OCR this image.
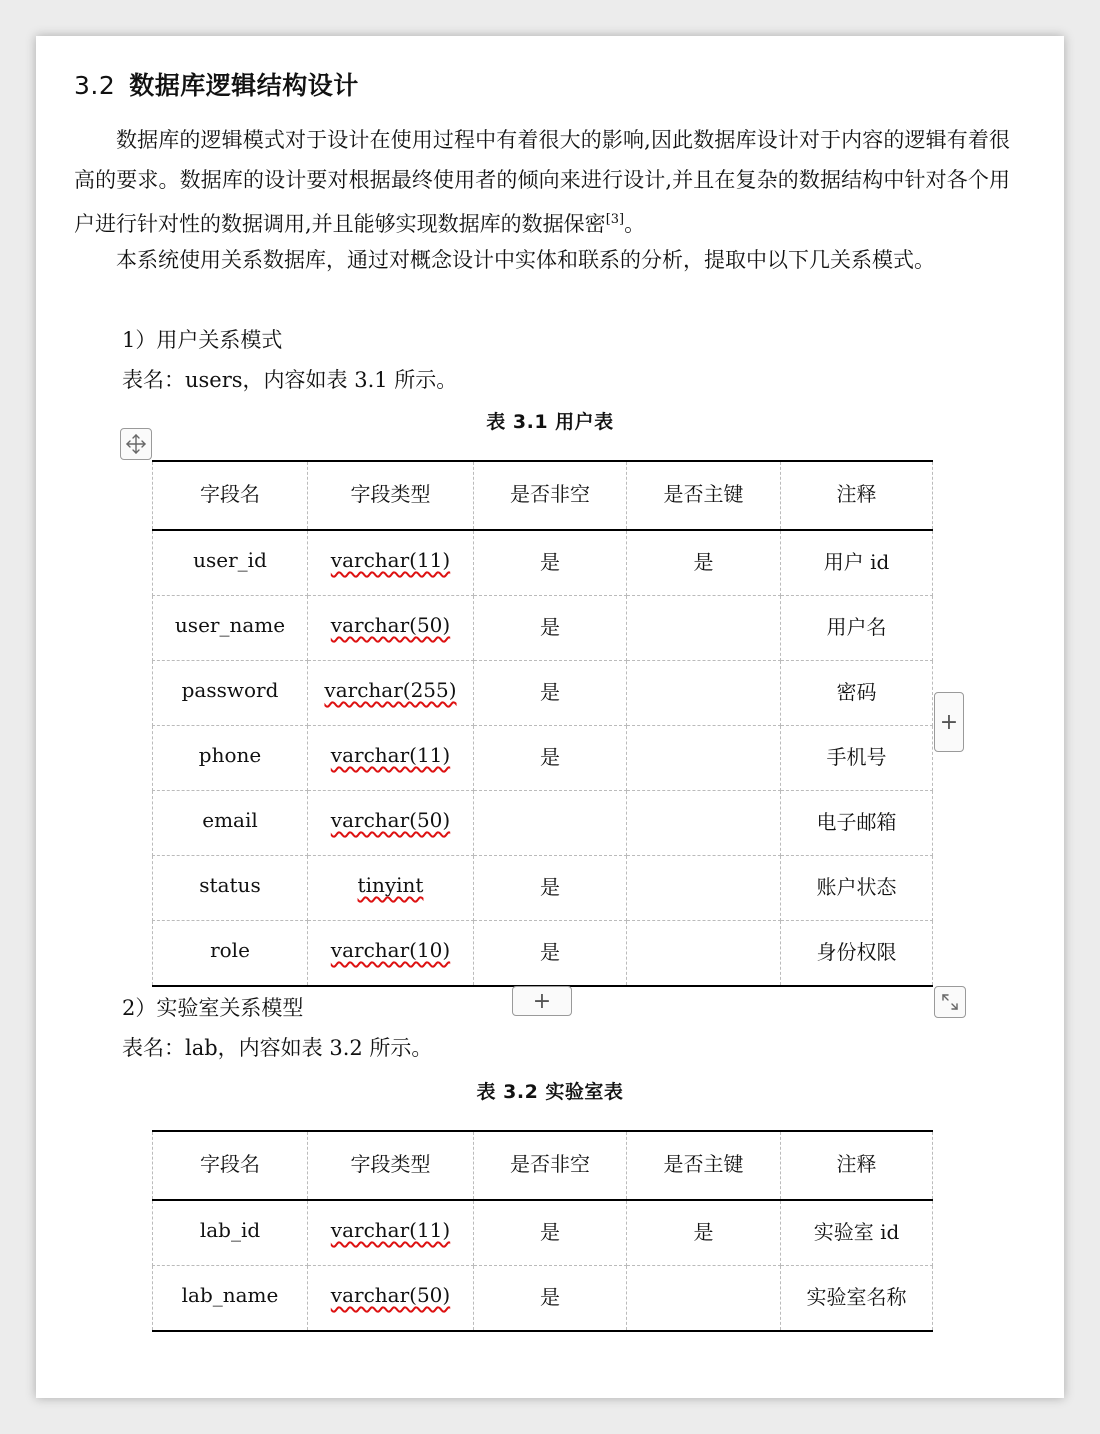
3.2 数据库逻辑结构设计
数据库的逻辑模式对于设计在使用过程中有着很大的影响,因此数据库设计对于内容的逻辑有着很高的要求。数据库的设计要对根据最终使用者的倾向来进行设计,并且在复杂的数据结构中针对各个用户进行针对性的数据调用,并且能够实现数据库的数据保密[3]。
本系统使用关系数据库，通过对概念设计中实体和联系的分析，提取中以下几关系模式。
1）用户关系模式
表名：users，内容如表 3.1 所示。
表 3.1 用户表
字段名	字段类型	是否非空	是否主键	注释
user_id	varchar(11)	是	是	用户 id
user_name	varchar(50)	是		用户名
password	varchar(255)	是		密码
phone	varchar(11)	是		手机号
email	varchar(50)			电子邮箱
status	tinyint	是		账户状态
role	varchar(10)	是		身份权限
+
+
2）实验室关系模型
表名：lab，内容如表 3.2 所示。
表 3.2 实验室表
字段名	字段类型	是否非空	是否主键	注释
lab_id	varchar(11)	是	是	实验室 id
lab_name	varchar(50)	是		实验室名称
